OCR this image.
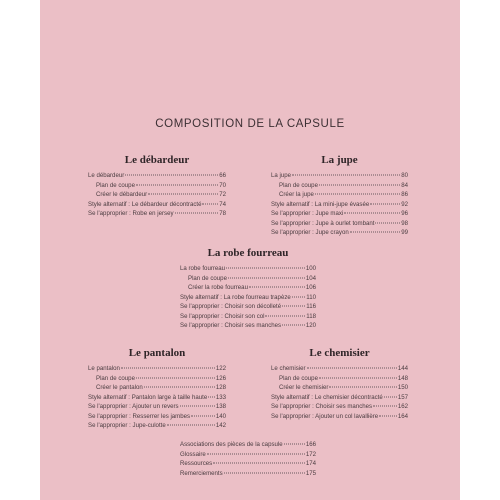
COMPOSITION DE LA CAPSULE
Le débardeur
Le débardeur	66
Plan de coupe	70
Créer le débardeur	72
Style alternatif : Le débardeur décontracté	74
Se l'approprier : Robe en jersey	78
La jupe
La jupe	80
Plan de coupe	84
Créer la jupe	86
Style alternatif : La mini-jupe évasée	92
Se l'approprier : Jupe maxi	96
Se l'approprier : Jupe à ourlet tombant	98
Se l'approprier : Jupe crayon	99
La robe fourreau
La robe fourreau	100
Plan de coupe	104
Créer la robe fourreau	106
Style alternatif : La robe fourreau trapèze	110
Se l'approprier : Choisir son décolleté	116
Se l'approprier : Choisir son col	118
Se l'approprier : Choisir ses manches	120
Le pantalon
Le pantalon	122
Plan de coupe	126
Créer le pantalon	128
Style alternatif : Pantalon large à taille haute 133
Se l'approprier : Ajouter un revers	138
Se l'approprier : Resserrer les jambes	140
Se l'approprier : Jupe-culotte	142
Le chemisier
Le chemisier	144
Plan de coupe	148
Créer le chemisier	150
Style alternatif : Le chemisier décontracté 157
Se l'approprier : Choisir ses manches	162
Se l'approprier : Ajouter un col lavallière	164
Associations des pièces de la capsule	166
Glossaire	172
Ressources	174
Remerciements	175
